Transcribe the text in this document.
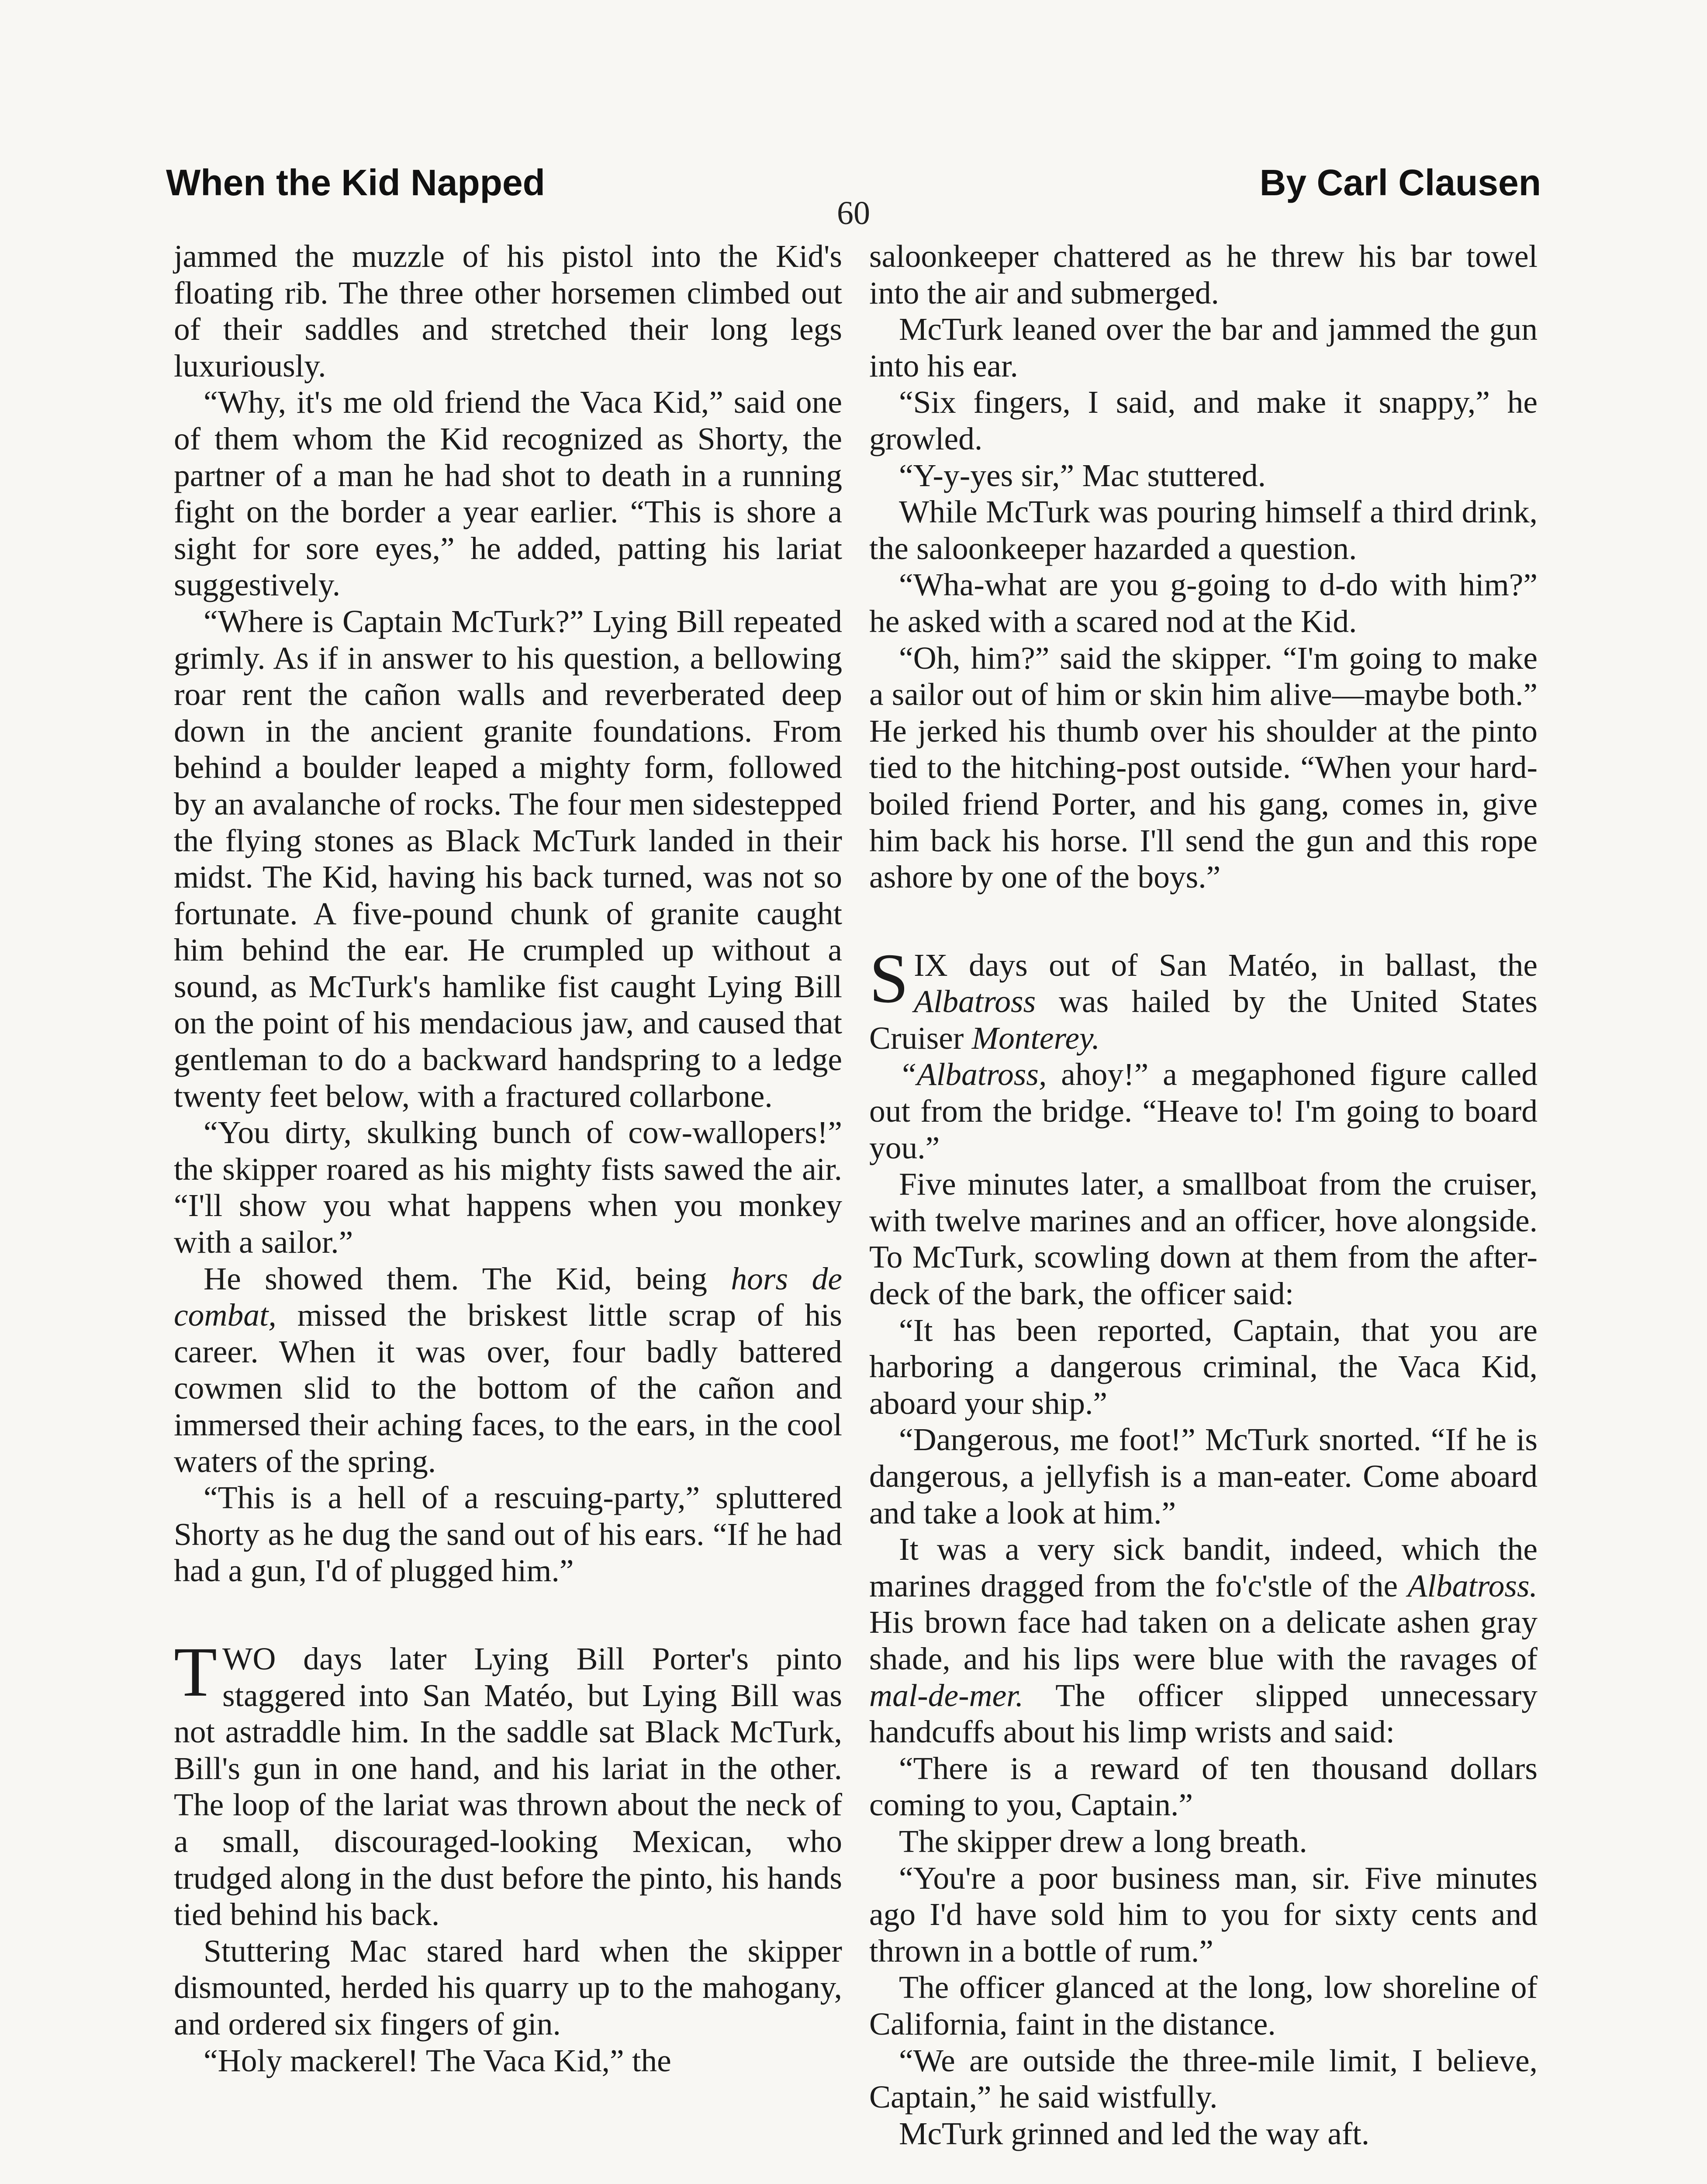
When the Kid Napped	By Carl Clausen
60

jammed the muzzle of his pistol into the Kid's floating rib. The three other horsemen climbed out of their saddles and stretched their long legs luxuriously.

“Why, it's me old friend the Vaca Kid,” said one of them whom the Kid recognized as Shorty, the partner of a man he had shot to death in a running fight on the border a year earlier. “This is shore a sight for sore eyes,” he added, patting his lariat suggestively.

“Where is Captain McTurk?” Lying Bill repeated grimly. As if in answer to his question, a bellowing roar rent the cañon walls and reverberated deep down in the ancient granite foundations. From behind a boulder leaped a mighty form, followed by an avalanche of rocks. The four men sidestepped the flying stones as Black McTurk landed in their midst. The Kid, having his back turned, was not so fortunate. A five-pound chunk of granite caught him behind the ear. He crumpled up without a sound, as McTurk's hamlike fist caught Lying Bill on the point of his mendacious jaw, and caused that gentleman to do a backward handspring to a ledge twenty feet below, with a fractured collarbone.

“You dirty, skulking bunch of cow-wallopers!” the skipper roared as his mighty fists sawed the air. “I'll show you what happens when you monkey with a sailor.”

He showed them. The Kid, being hors de combat, missed the briskest little scrap of his career. When it was over, four badly battered cowmen slid to the bottom of the cañon and immersed their aching faces, to the ears, in the cool waters of the spring.

“This is a hell of a rescuing-party,” spluttered Shorty as he dug the sand out of his ears. “If he had had a gun, I'd of plugged him.”

TWO days later Lying Bill Porter's pinto staggered into San Matéo, but Lying Bill was not astraddle him. In the saddle sat Black McTurk, Bill's gun in one hand, and his lariat in the other. The loop of the lariat was thrown about the neck of a small, discouraged-looking Mexican, who trudged along in the dust before the pinto, his hands tied behind his back.

Stuttering Mac stared hard when the skipper dismounted, herded his quarry up to the mahogany, and ordered six fingers of gin.

“Holy mackerel! The Vaca Kid,” the

saloonkeeper chattered as he threw his bar towel into the air and submerged.

McTurk leaned over the bar and jammed the gun into his ear.

“Six fingers, I said, and make it snappy,” he growled.

“Y-y-yes sir,” Mac stuttered.

While McTurk was pouring himself a third drink, the saloonkeeper hazarded a question.

“Wha-what are you g-going to d-do with him?” he asked with a scared nod at the Kid.

“Oh, him?” said the skipper. “I'm going to make a sailor out of him or skin him alive—maybe both.” He jerked his thumb over his shoulder at the pinto tied to the hitching-post outside. “When your hard-boiled friend Porter, and his gang, comes in, give him back his horse. I'll send the gun and this rope ashore by one of the boys.”

SIX days out of San Matéo, in ballast, the Albatross was hailed by the United States Cruiser Monterey.

“Albatross, ahoy!” a megaphoned figure called out from the bridge. “Heave to! I'm going to board you.”

Five minutes later, a smallboat from the cruiser, with twelve marines and an officer, hove alongside. To McTurk, scowling down at them from the after-deck of the bark, the officer said:

“It has been reported, Captain, that you are harboring a dangerous criminal, the Vaca Kid, aboard your ship.”

“Dangerous, me foot!” McTurk snorted. “If he is dangerous, a jellyfish is a man-eater. Come aboard and take a look at him.”

It was a very sick bandit, indeed, which the marines dragged from the fo'c'stle of the Albatross. His brown face had taken on a delicate ashen gray shade, and his lips were blue with the ravages of mal-de-mer. The officer slipped unnecessary handcuffs about his limp wrists and said:

“There is a reward of ten thousand dollars coming to you, Captain.”

The skipper drew a long breath.

“You're a poor business man, sir. Five minutes ago I'd have sold him to you for sixty cents and thrown in a bottle of rum.”

The officer glanced at the long, low shoreline of California, faint in the distance.

“We are outside the three-mile limit, I believe, Captain,” he said wistfully.

McTurk grinned and led the way aft.
